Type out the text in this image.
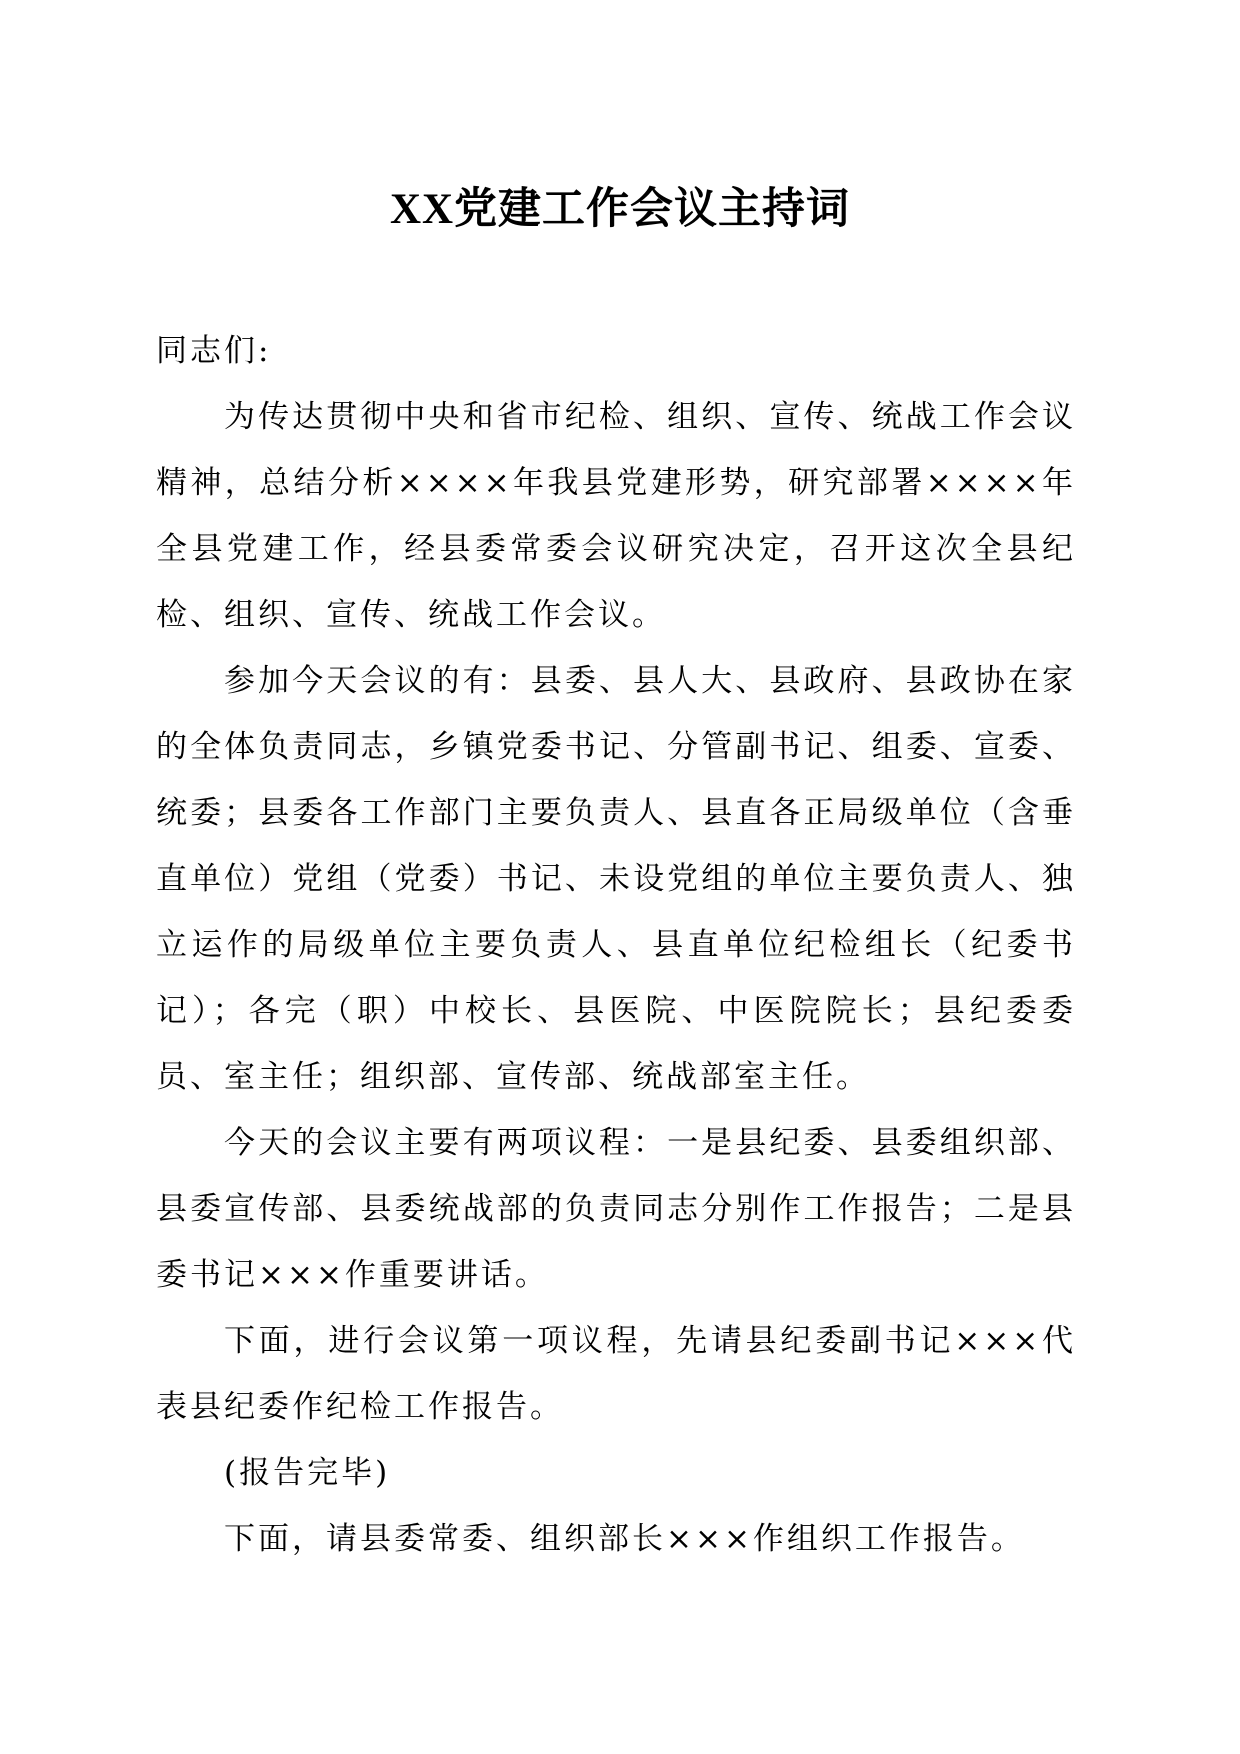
XX党建工作会议主持词

同志们:

为传达贯彻中央和省市纪检、组织、宣传、统战工作会议精神，总结分析××××年我县党建形势，研究部署××××年全县党建工作，经县委常委会议研究决定，召开这次全县纪检、组织、宣传、统战工作会议。

参加今天会议的有：县委、县人大、县政府、县政协在家的全体负责同志，乡镇党委书记、分管副书记、组委、宣委、统委；县委各工作部门主要负责人、县直各正局级单位（含垂直单位）党组（党委）书记、未设党组的单位主要负责人、独立运作的局级单位主要负责人、县直单位纪检组长（纪委书记）；各完（职）中校长、县医院、中医院院长；县纪委委员、室主任；组织部、宣传部、统战部室主任。

今天的会议主要有两项议程：一是县纪委、县委组织部、县委宣传部、县委统战部的负责同志分别作工作报告；二是县委书记×××作重要讲话。

下面，进行会议第一项议程，先请县纪委副书记×××代表县纪委作纪检工作报告。

(报告完毕)

下面，请县委常委、组织部长×××作组织工作报告。
